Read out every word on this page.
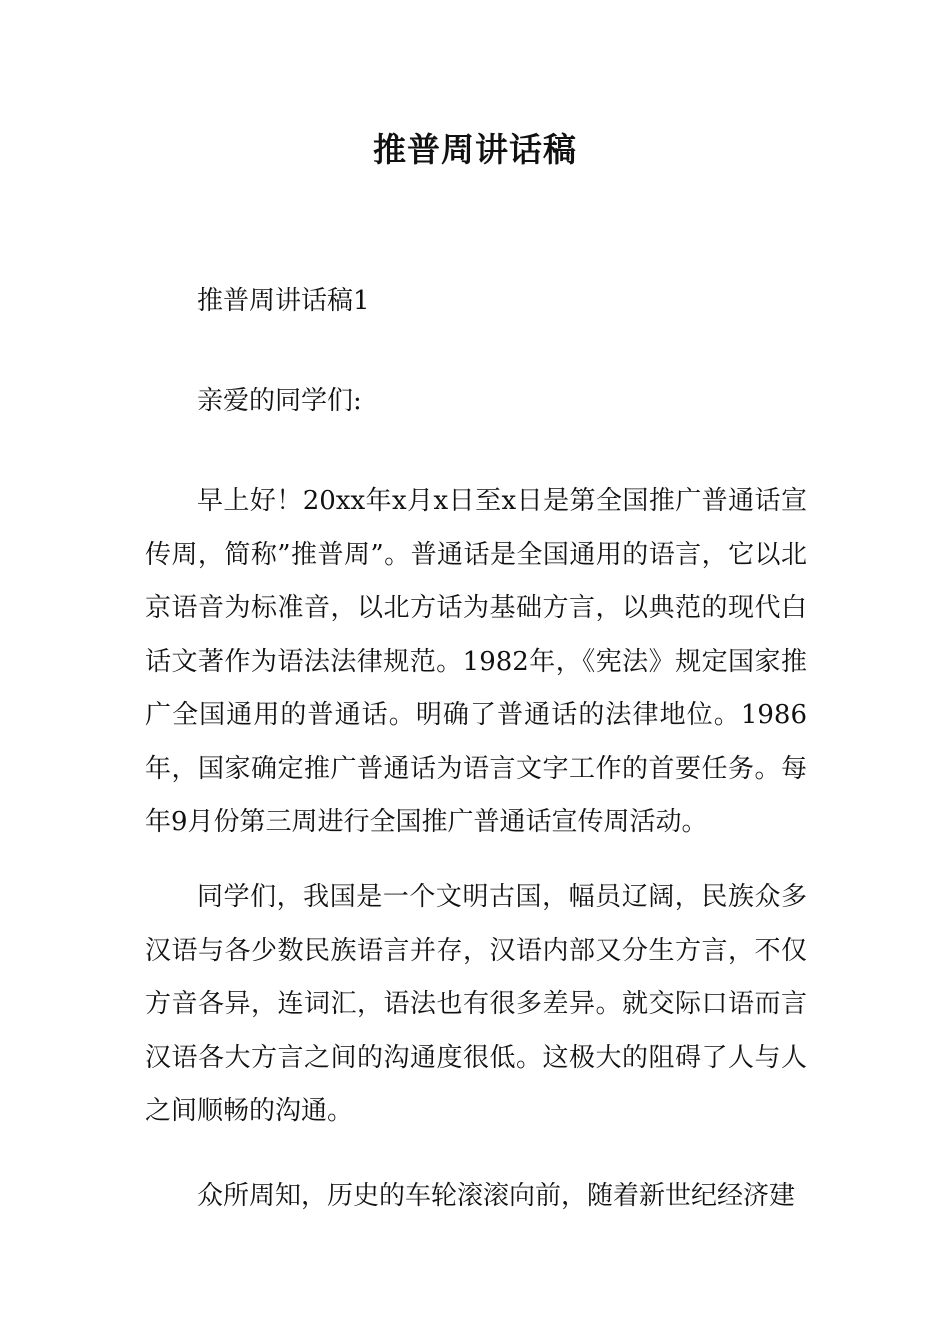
推普周讲话稿
推普周讲话稿1
亲爱的同学们:
早上好！20xx年x月x日至x日是第全国推广普通话宣传周，简称”推普周”。普通话是全国通用的语言，它以北京语音为标准音，以北方话为基础方言，以典范的现代白话文著作为语法法律规范。1982年，《宪法》规定国家推广全国通用的普通话。明确了普通话的法律地位。1986年，国家确定推广普通话为语言文字工作的首要任务。每年9月份第三周进行全国推广普通话宣传周活动。
同学们，我国是一个文明古国，幅员辽阔，民族众多汉语与各少数民族语言并存，汉语内部又分生方言，不仅方音各异，连词汇，语法也有很多差异。就交际口语而言汉语各大方言之间的沟通度很低。这极大的阻碍了人与人之间顺畅的沟通。
众所周知，历史的车轮滚滚向前，随着新世纪经济建
